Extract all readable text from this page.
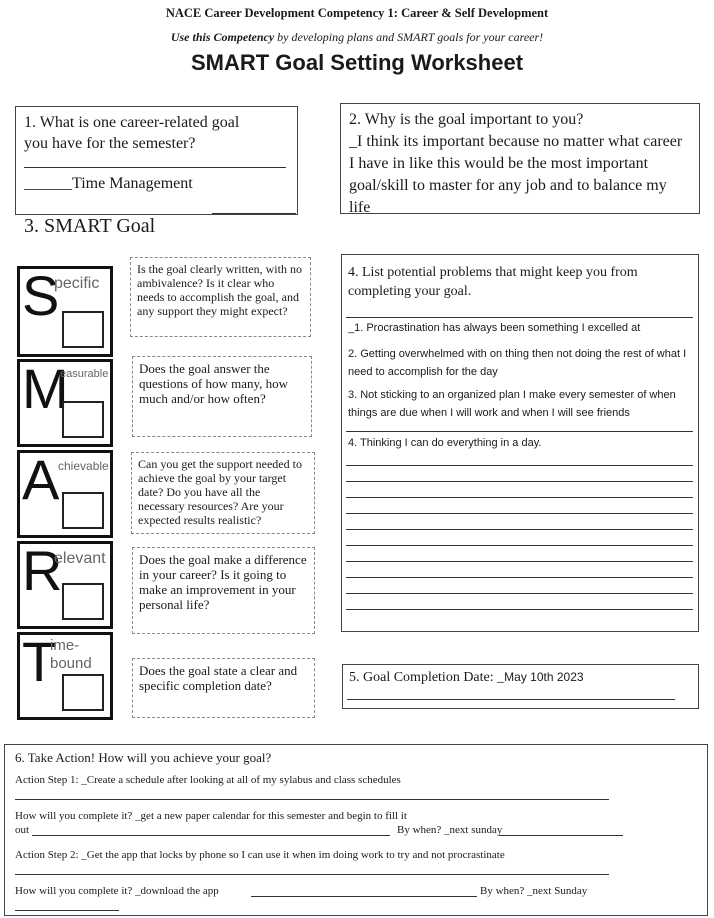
NACE Career Development Competency 1: Career & Self Development
Use this Competency by developing plans and SMART goals for your career!
SMART Goal Setting Worksheet
1. What is one career-related goal
you have for the semester?
______Time Management
2. Why is the goal important to you?
_I think its important because no matter what career I have in like this would be the most important goal/skill to master for any job and to balance my life
3. SMART Goal
S
pecific
M
easurable
A
chievable
R
elevant
T
ime-
bound
Is the goal clearly written, with no ambivalence? Is it clear who needs to accomplish the goal, and any support they might expect?
Does the goal answer the questions of how many, how much and/or how often?
Can you get the support needed to achieve the goal by your target date? Do you have all the necessary resources? Are your expected results realistic?
Does the goal make a difference in your career? Is it going to make an improvement in your personal life?
Does the goal state a clear and specific completion date?
4. List potential problems that might keep you from completing your goal.
_1. Procrastination has always been something I excelled at
2. Getting overwhelmed with on thing then not doing the rest of what I need to accomplish for the day
3. Not sticking to an organized plan I make every semester of when things are due when I will work and when I will see friends
4. Thinking I can do everything in a day.
5. Goal Completion Date: _May 10th 2023
6. Take Action! How will you achieve your goal?
Action Step 1: _Create a schedule after looking at all of my sylabus and class schedules
How will you complete it? _get a new paper calendar for this semester and begin to fill it
out	By when? _next sunday
Action Step 2: _Get the app that locks by phone so I can use it when im doing work to try and not procrastinate
How will you complete it? _download the app	By when? _next Sunday
